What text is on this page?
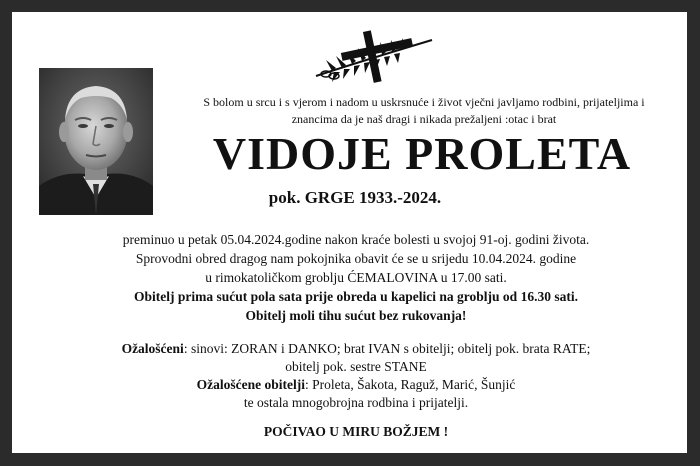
S bolom u srcu i s vjerom i nadom u uskrsnuće i život vječni javljamo rodbini, prijateljima i
znancima da je naš dragi i nikada prežaljeni :otac i brat
VIDOJE PROLETA
pok. GRGE 1933.-2024.
preminuo u petak 05.04.2024.godine nakon kraće bolesti u svojoj 91-oj. godini života.
Sprovodni obred dragog nam pokojnika obavit će se u srijedu 10.04.2024. godine
u rimokatoličkom groblju ĆEMALOVINA u 17.00 sati.
Obitelj prima sućut pola sata prije obreda u kapelici na groblju od 16.30 sati.
Obitelj moli tihu sućut bez rukovanja!
Ožalošćeni: sinovi: ZORAN i DANKO; brat IVAN s obitelji; obitelj pok. brata RATE;
obitelj pok. sestre STANE
Ožalošćene obitelji: Proleta, Šakota, Raguž, Marić, Šunjić
te ostala mnogobrojna rodbina i prijatelji.
POČIVAO U MIRU BOŽJEM !
